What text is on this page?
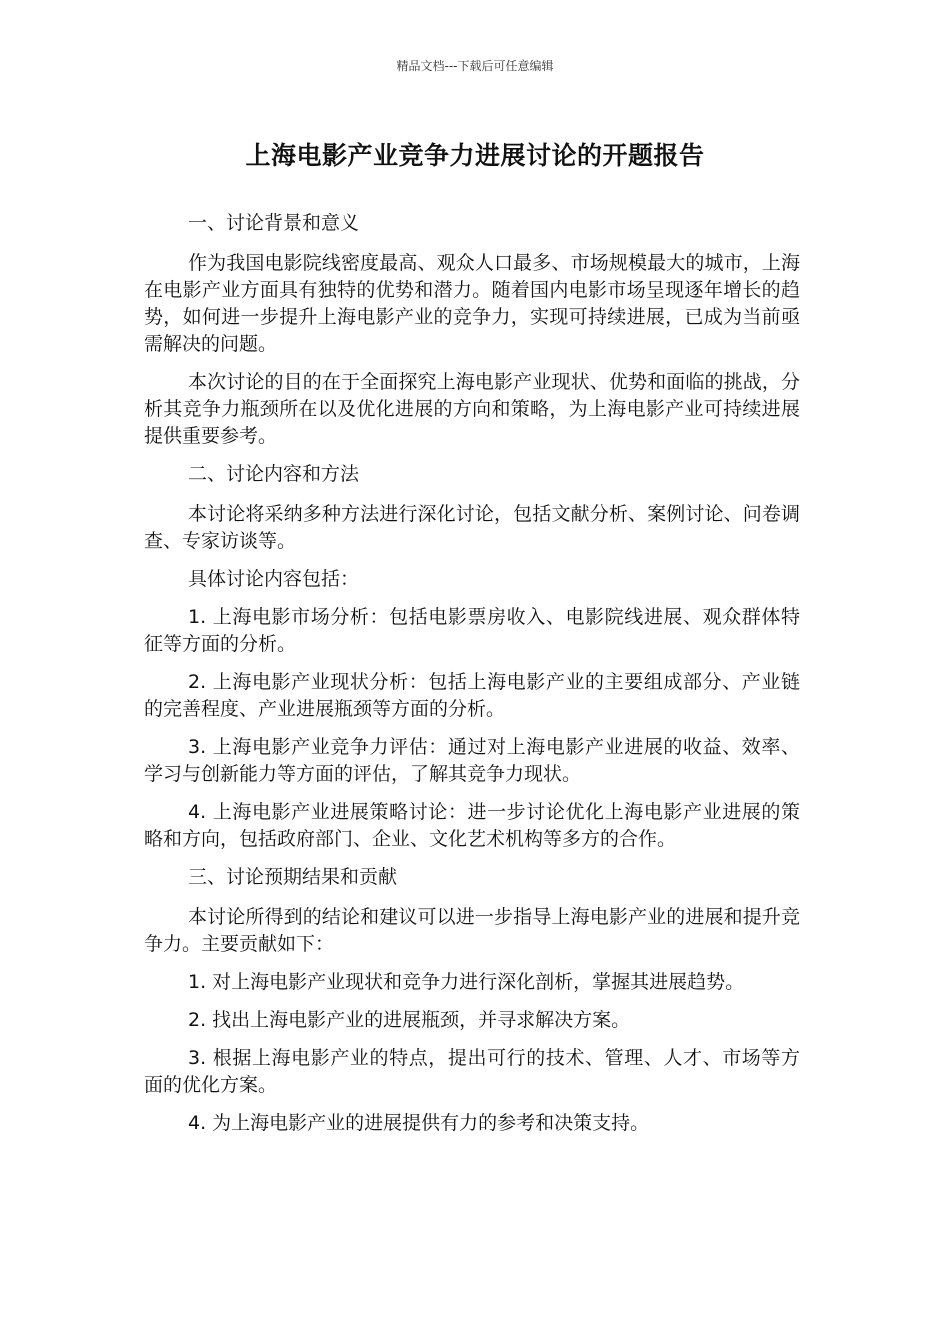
精品文档---下载后可任意编辑
上海电影产业竞争力进展讨论的开题报告

一、讨论背景和意义

作为我国电影院线密度最高、观众人口最多、市场规模最大的城市，上海在电影产业方面具有独特的优势和潜力。随着国内电影市场呈现逐年增长的趋势，如何进一步提升上海电影产业的竞争力，实现可持续进展，已成为当前亟需解决的问题。

本次讨论的目的在于全面探究上海电影产业现状、优势和面临的挑战，分析其竞争力瓶颈所在以及优化进展的方向和策略，为上海电影产业可持续进展提供重要参考。

二、讨论内容和方法

本讨论将采纳多种方法进行深化讨论，包括文献分析、案例讨论、问卷调查、专家访谈等。

具体讨论内容包括：

1. 上海电影市场分析：包括电影票房收入、电影院线进展、观众群体特征等方面的分析。

2. 上海电影产业现状分析：包括上海电影产业的主要组成部分、产业链的完善程度、产业进展瓶颈等方面的分析。

3. 上海电影产业竞争力评估：通过对上海电影产业进展的收益、效率、学习与创新能力等方面的评估，了解其竞争力现状。

4. 上海电影产业进展策略讨论：进一步讨论优化上海电影产业进展的策略和方向，包括政府部门、企业、文化艺术机构等多方的合作。

三、讨论预期结果和贡献

本讨论所得到的结论和建议可以进一步指导上海电影产业的进展和提升竞争力。主要贡献如下：

1. 对上海电影产业现状和竞争力进行深化剖析，掌握其进展趋势。

2. 找出上海电影产业的进展瓶颈，并寻求解决方案。

3. 根据上海电影产业的特点，提出可行的技术、管理、人才、市场等方面的优化方案。

4. 为上海电影产业的进展提供有力的参考和决策支持。
